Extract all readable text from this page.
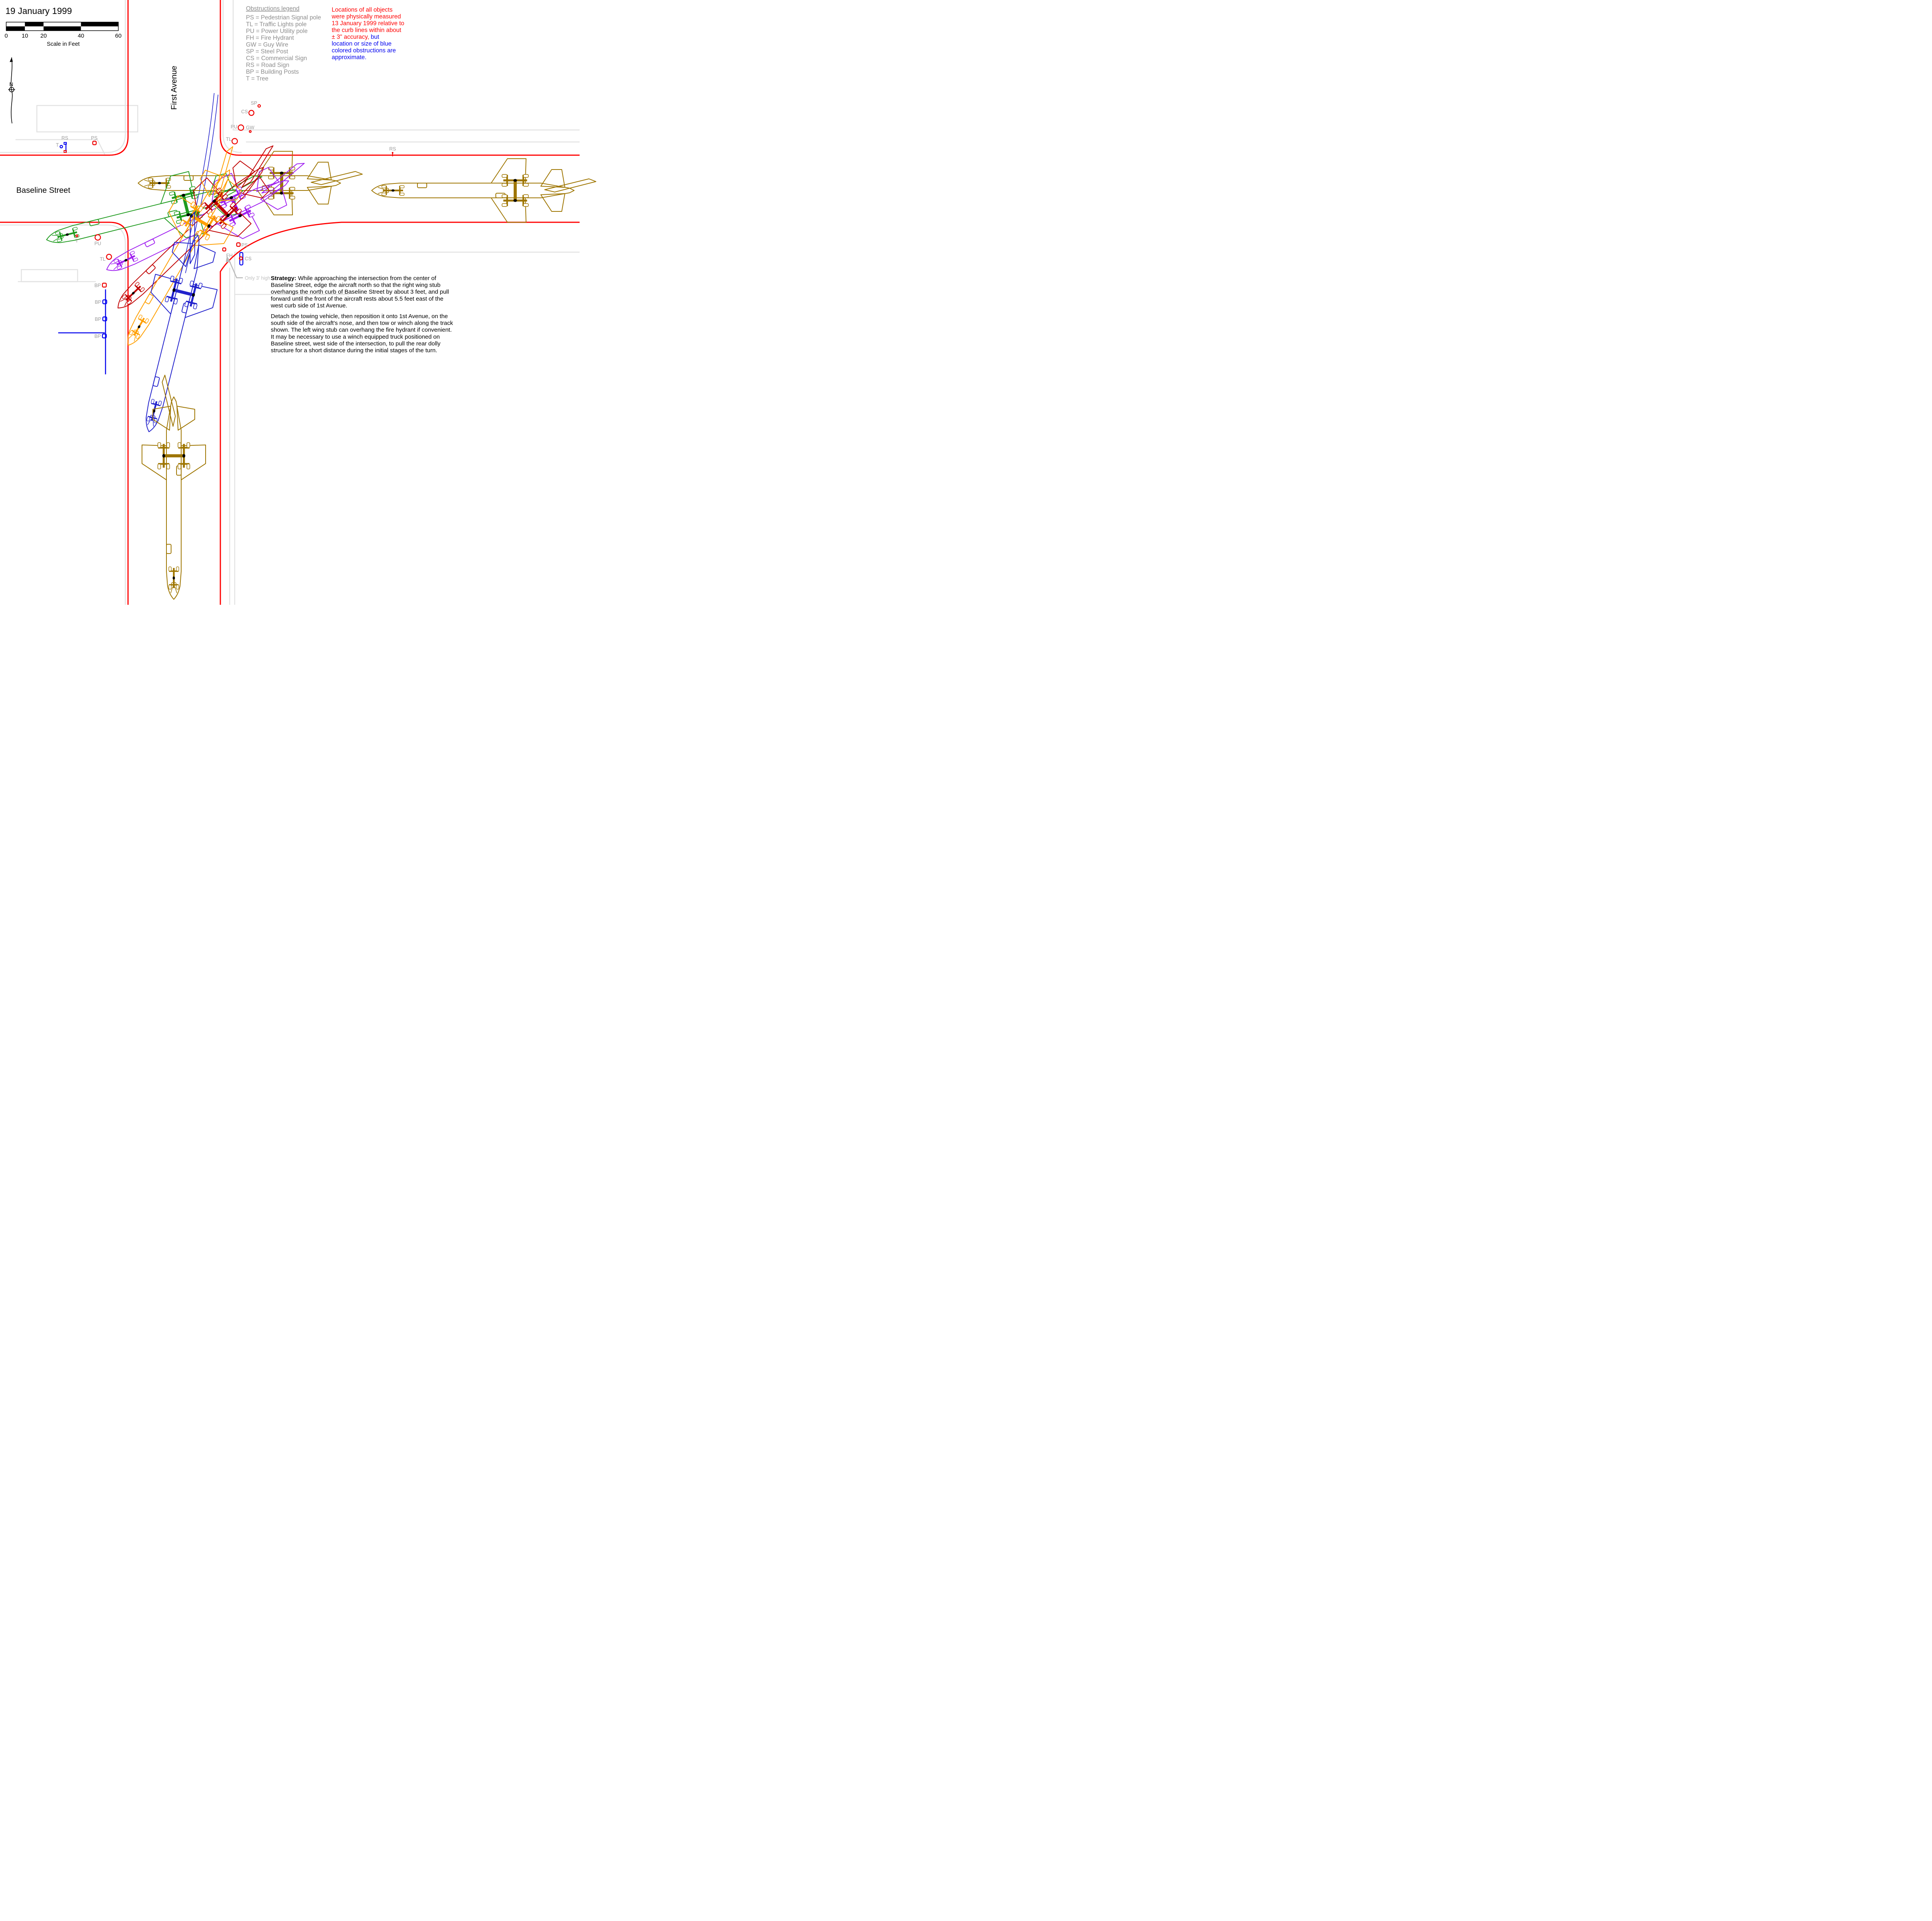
T
RS	PS
SP
CS
PU GW
TL
RS
T	PU
TL
BP
BP
BP
BP
PS
FH
CS
Only 3' high
19 January 1999
0 10 20	40	60
Scale in Feet
N
Baseline Street
First Avenue
Obstructions legend
PS = Pedestrian Signal pole
TL = Traffic Lights pole
PU = Power Utility pole
FH = Fire Hydrant
GW = Guy Wire
SP = Steel Post
CS = Commercial Sign
RS = Road Sign
BP = Building Posts
T = Tree
Locations of all objects
were physically measured
13 January 1999 relative to
the curb lines within about
± 3" accuracy, but
location or size of blue
colored obstructions are
approximate.
Strategy: While approaching the intersection from the center of
Baseline Street, edge the aircraft north so that the right wing stub
overhangs the north curb of Baseline Street by about 3 feet, and pull
forward until the front of the aircraft rests about 5.5 feet east of the
west curb side of 1st Avenue.
Detach the towing vehicle, then reposition it onto 1st Avenue, on the
south side of the aircraft's nose, and then tow or winch along the track
shown. The left wing stub can overhang the fire hydrant if convenient.
It may be necessary to use a winch equipped truck positioned on
Baseline street, west side of the intersection, to pull the rear dolly
structure for a short distance during the initial stages of the turn.
